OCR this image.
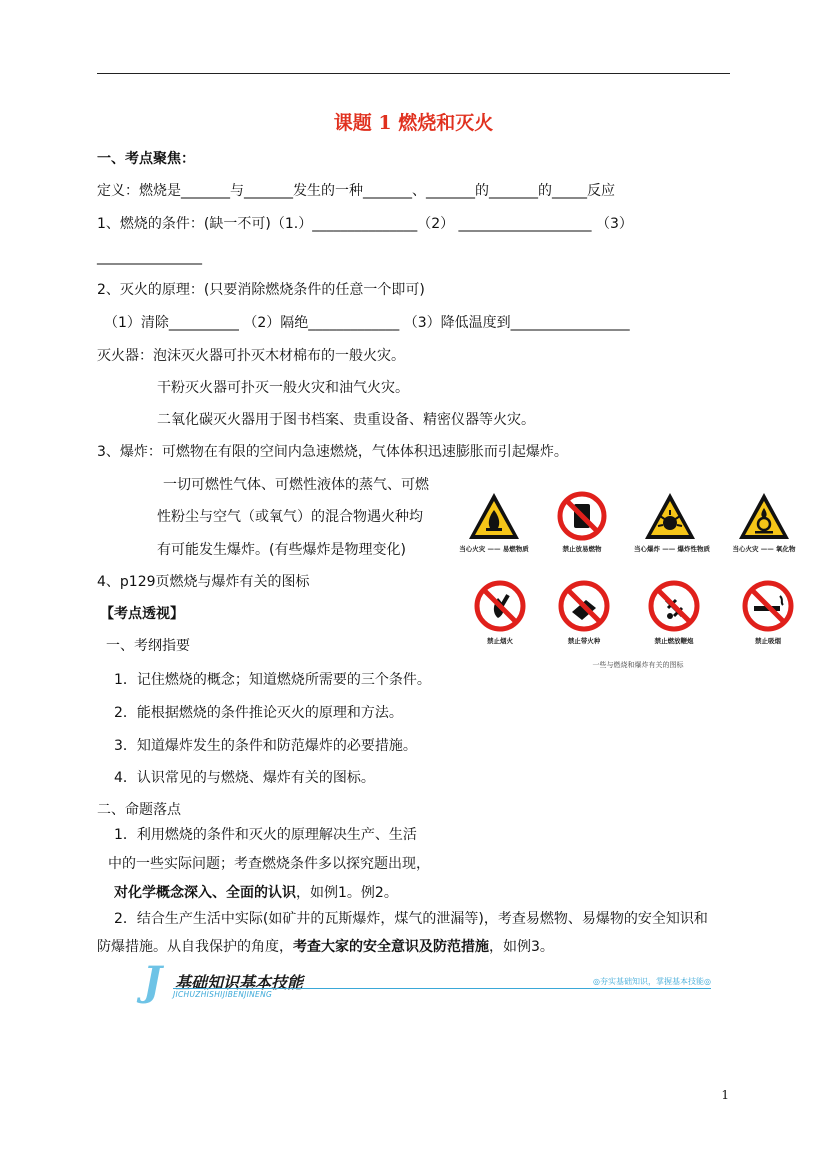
课题 1 燃烧和灭火
一、考点聚焦：
定义：燃烧是_______与_______发生的一种_______、_______的_______的_____反应
1、燃烧的条件：(缺一不可)（1.）_______________（2） ___________________ （3）
_______________
2、灭火的原理：(只要消除燃烧条件的任意一个即可)
（1）清除__________ （2）隔绝_____________ （3）降低温度到_________________
灭火器：泡沫灭火器可扑灭木材棉布的一般火灾。
干粉灭火器可扑灭一般火灾和油气火灾。
二氧化碳灭火器用于图书档案、贵重设备、精密仪器等火灾。
3、爆炸：可燃物在有限的空间内急速燃烧，气体体积迅速膨胀而引起爆炸。
一切可燃性气体、可燃性液体的蒸气、可燃
性粉尘与空气（或氧气）的混合物遇火种均
有可能发生爆炸。(有些爆炸是物理变化)
4、p129页燃烧与爆炸有关的图标
当心火灾 —— 易燃物质	禁止放易燃物	当心爆炸 —— 爆炸性物质	当心火灾 —— 氧化物
禁止烟火	禁止带火种	禁止燃放鞭炮	禁止吸烟
一些与燃烧和爆炸有关的图标
【考点透视】
一、考纲指要
1．记住燃烧的概念；知道燃烧所需要的三个条件。
2．能根据燃烧的条件推论灭火的原理和方法。
3．知道爆炸发生的条件和防范爆炸的必要措施。
4．认识常见的与燃烧、爆炸有关的图标。
二、命题落点
1．利用燃烧的条件和灭火的原理解决生产、生活
中的一些实际问题；考查燃烧条件多以探究题出现，
对化学概念深入、全面的认识，如例1。例2。
2．结合生产生活中实际(如矿井的瓦斯爆炸，煤气的泄漏等)，考查易燃物、易爆物的安全知识和
防爆措施。从自我保护的角度，考查大家的安全意识及防范措施，如例3。
J 基础知识基本技能
JICHUZHISHIJIBENJINENG
◎夯实基础知识，掌握基本技能◎
1
